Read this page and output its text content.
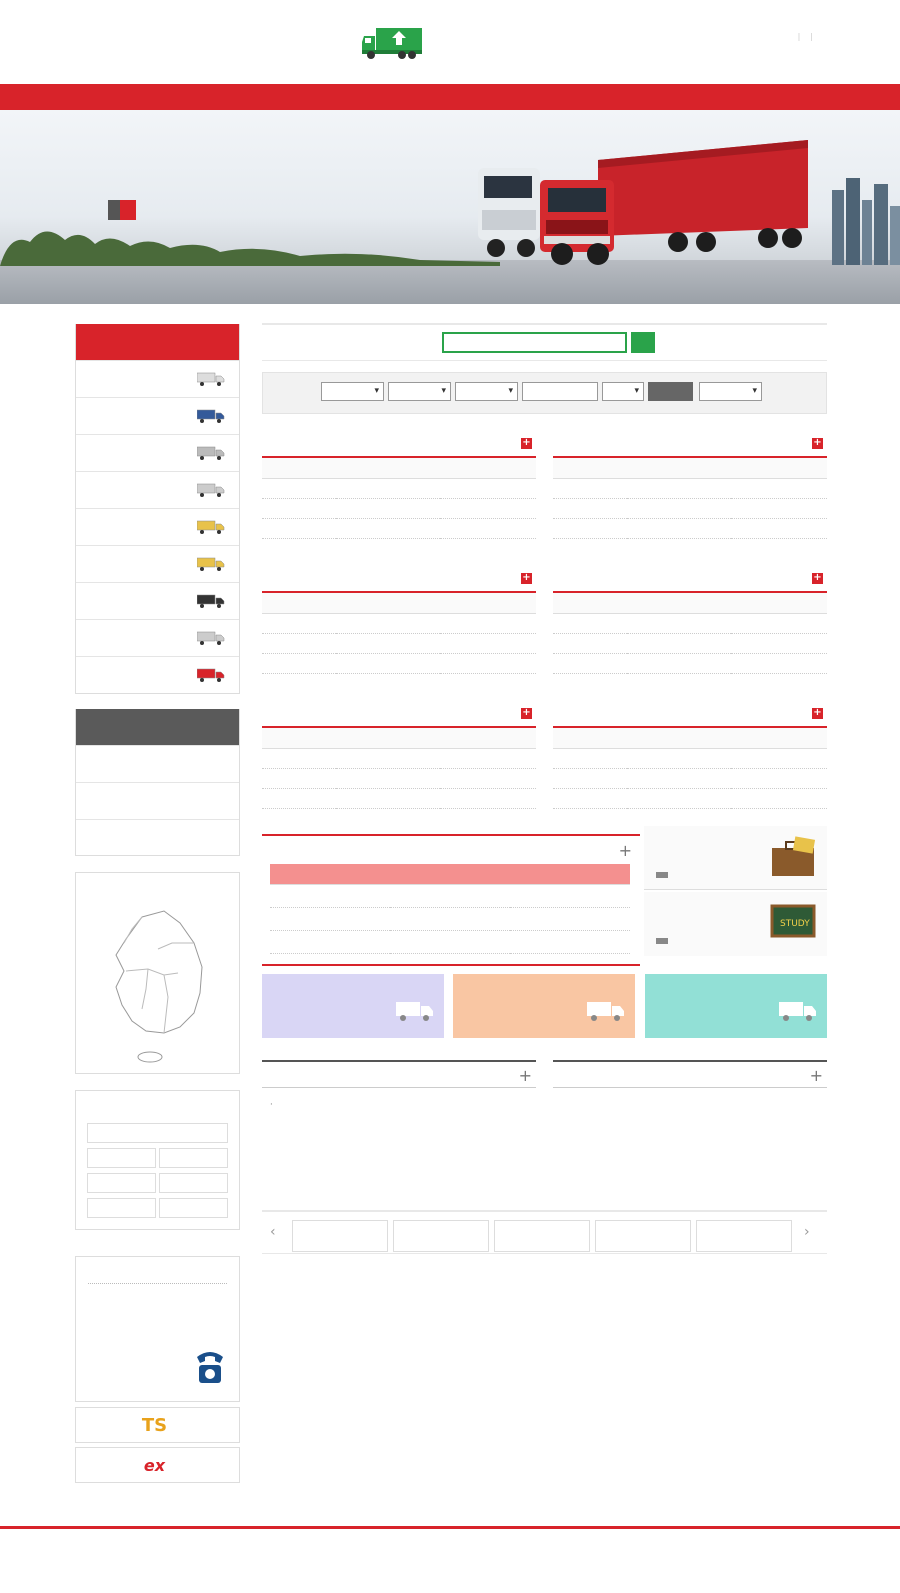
| |
TS
ex
▾
▾
▾
▾
▾
+

			+

+

			+

+

			+

+

STUDY
+
·
+
‹	›
